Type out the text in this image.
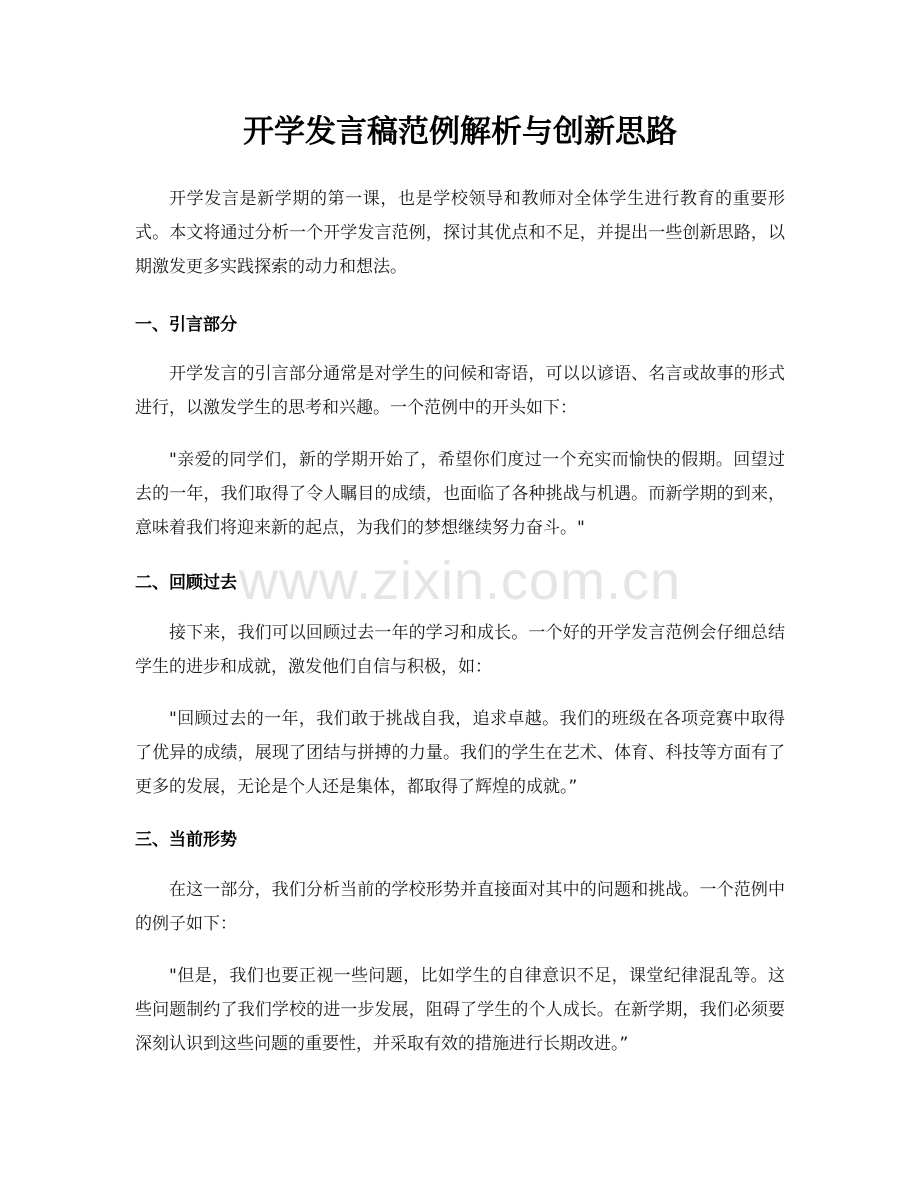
开学发言稿范例解析与创新思路

开学发言是新学期的第一课，也是学校领导和教师对全体学生进行教育的重要形式。本文将通过分析一个开学发言范例，探讨其优点和不足，并提出一些创新思路，以期激发更多实践探索的动力和想法。

一、引言部分

开学发言的引言部分通常是对学生的问候和寄语，可以以谚语、名言或故事的形式进行，以激发学生的思考和兴趣。一个范例中的开头如下：

"亲爱的同学们，新的学期开始了，希望你们度过一个充实而愉快的假期。回望过去的一年，我们取得了令人瞩目的成绩，也面临了各种挑战与机遇。而新学期的到来，意味着我们将迎来新的起点，为我们的梦想继续努力奋斗。"

二、回顾过去

接下来，我们可以回顾过去一年的学习和成长。一个好的开学发言范例会仔细总结学生的进步和成就，激发他们自信与积极，如：

"回顾过去的一年，我们敢于挑战自我，追求卓越。我们的班级在各项竞赛中取得了优异的成绩，展现了团结与拼搏的力量。我们的学生在艺术、体育、科技等方面有了更多的发展，无论是个人还是集体，都取得了辉煌的成就。”

三、当前形势

在这一部分，我们分析当前的学校形势并直接面对其中的问题和挑战。一个范例中的例子如下：

"但是，我们也要正视一些问题，比如学生的自律意识不足，课堂纪律混乱等。这些问题制约了我们学校的进一步发展，阻碍了学生的个人成长。在新学期，我们必须要深刻认识到这些问题的重要性，并采取有效的措施进行长期改进。”

www.zixin.com.cn
